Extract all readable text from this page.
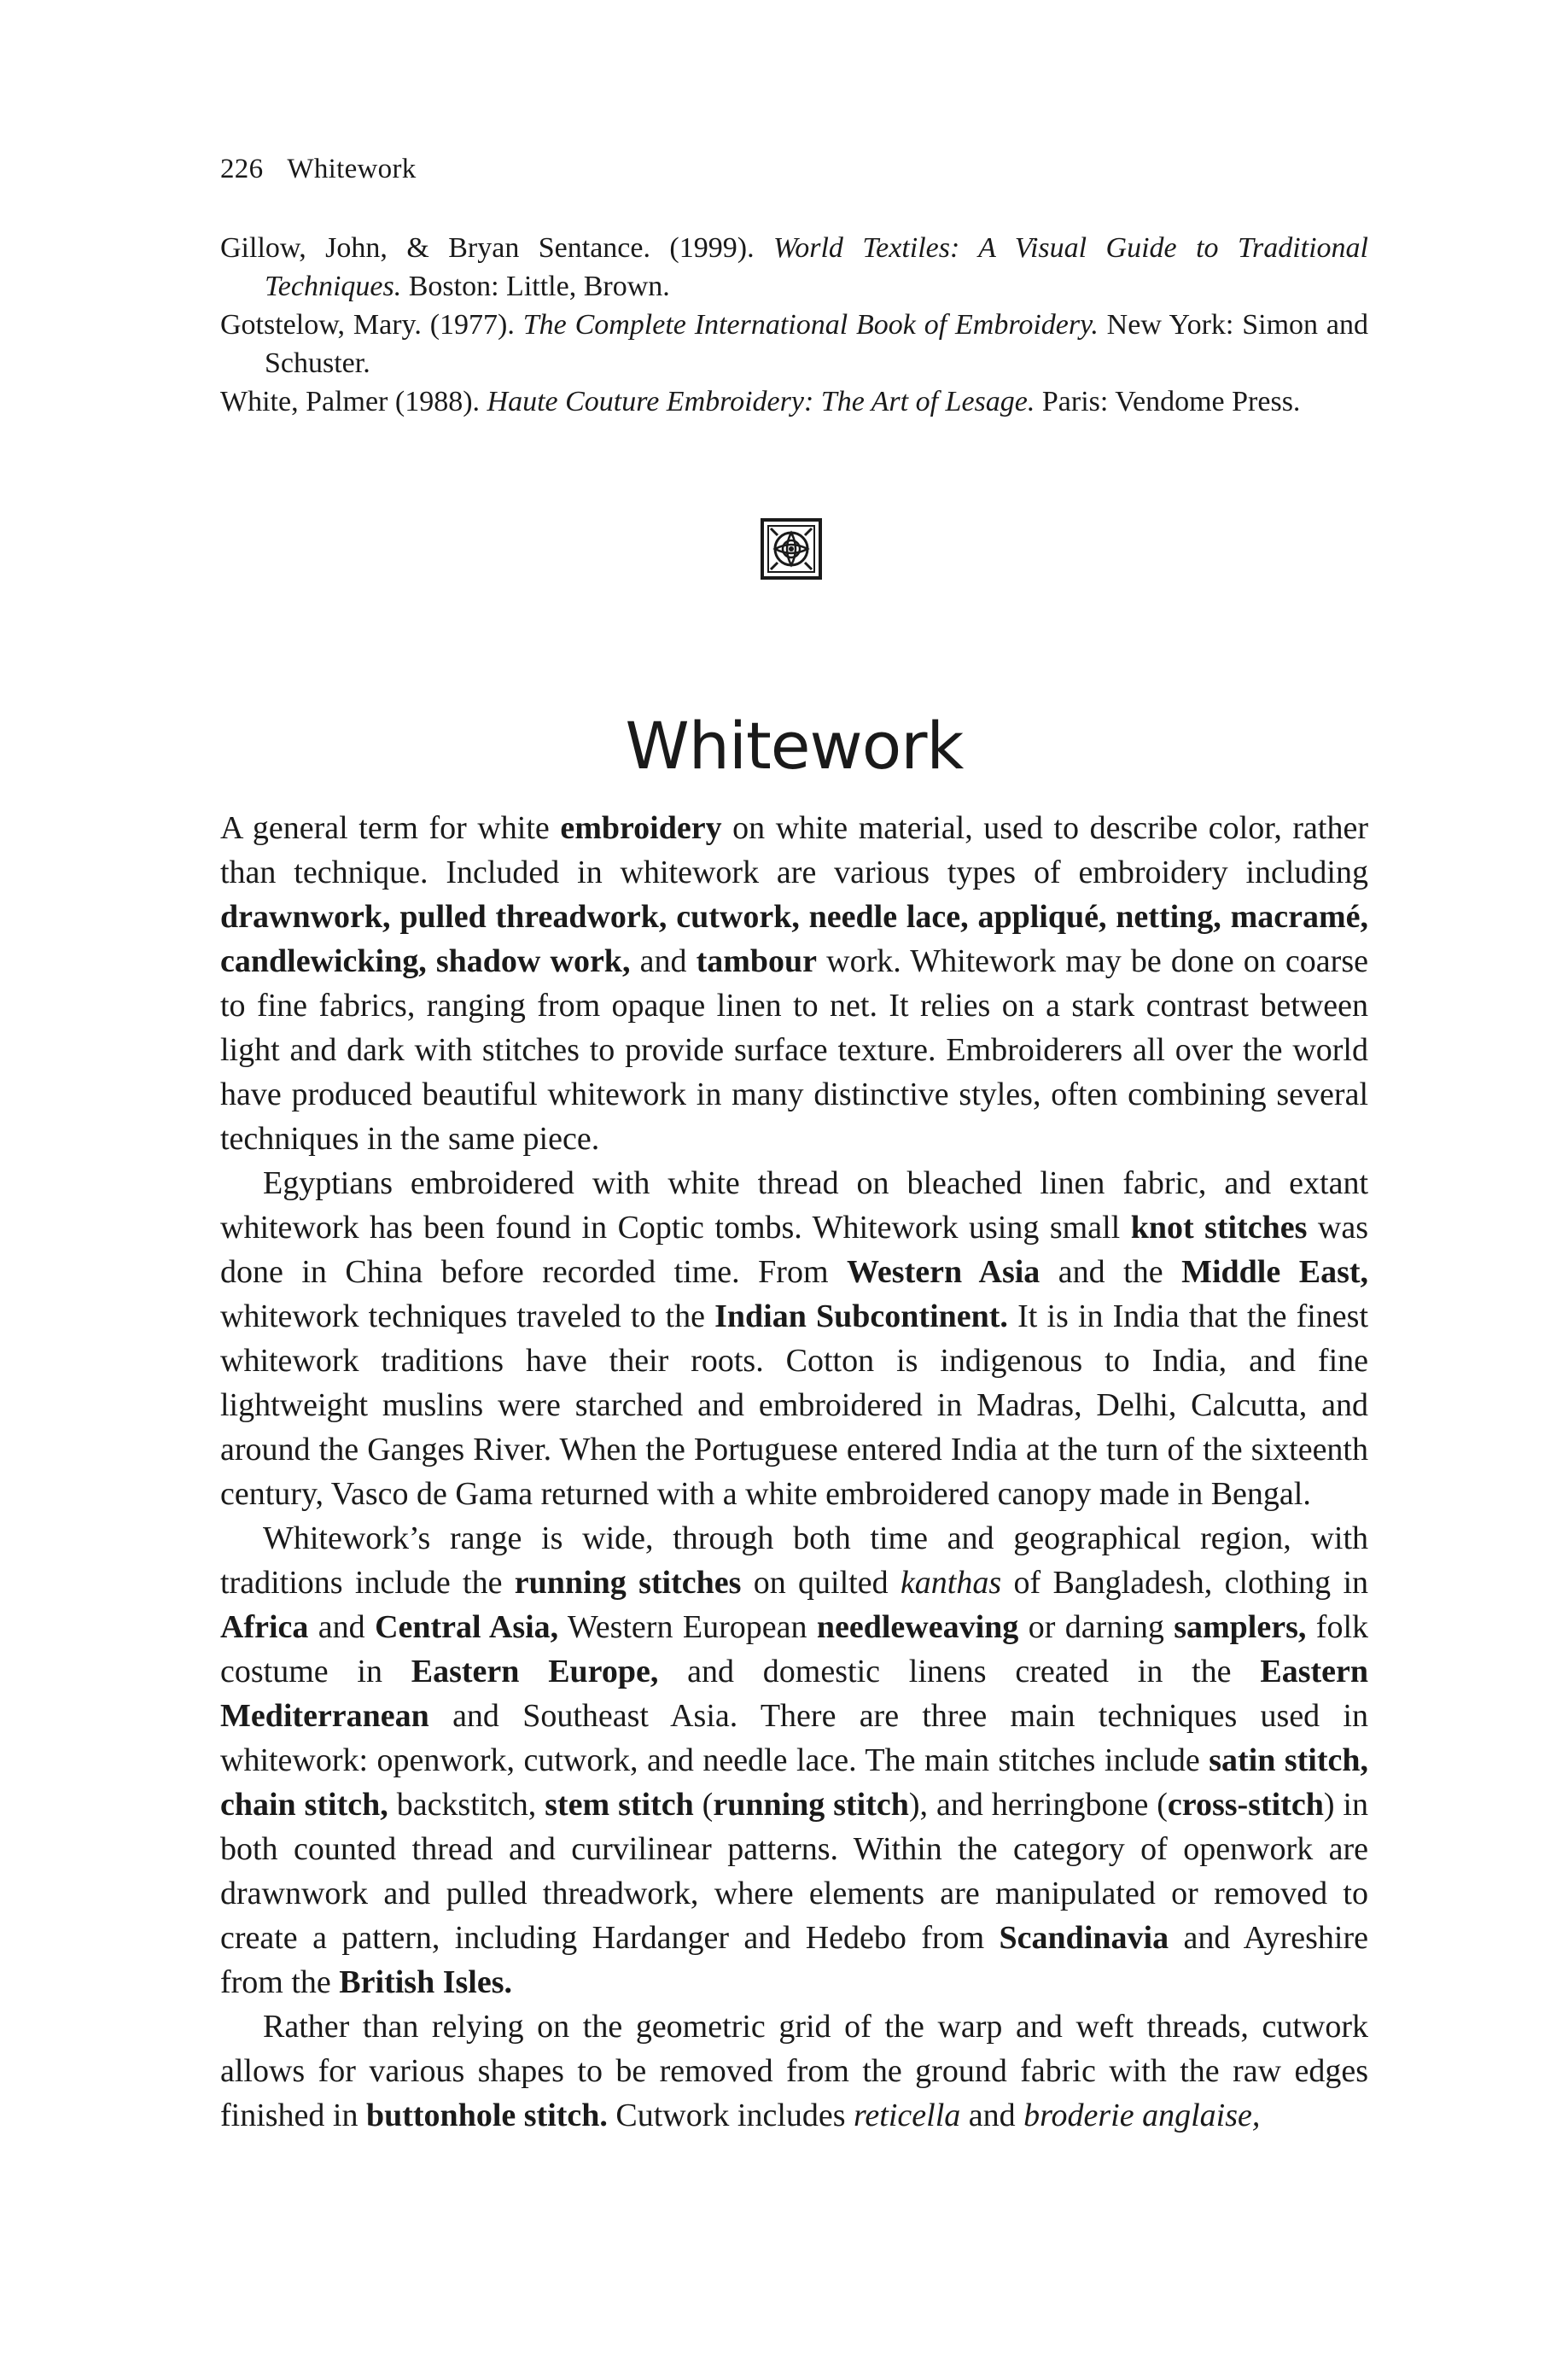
226 Whitework

Gillow, John, & Bryan Sentance. (1999). World Textiles: A Visual Guide to Traditional Techniques. Boston: Little, Brown.

Gotstelow, Mary. (1977). The Complete International Book of Embroidery. New York: Simon and Schuster.

White, Palmer (1988). Haute Couture Embroidery: The Art of Lesage. Paris: Vendome Press.

Whitework

A general term for white embroidery on white material, used to describe color, rather than technique. Included in whitework are various types of embroidery including drawnwork, pulled threadwork, cutwork, needle lace, appliqué, netting, macramé, candlewicking, shadow work, and tambour work. Whitework may be done on coarse to fine fabrics, ranging from opaque linen to net. It relies on a stark contrast between light and dark with stitches to provide surface texture. Embroiderers all over the world have produced beautiful whitework in many distinctive styles, often combining several techniques in the same piece.

Egyptians embroidered with white thread on bleached linen fabric, and extant whitework has been found in Coptic tombs. Whitework using small knot stitches was done in China before recorded time. From Western Asia and the Middle East, whitework techniques traveled to the Indian Subcontinent. It is in India that the finest whitework traditions have their roots. Cotton is indigenous to India, and fine lightweight muslins were starched and embroidered in Madras, Delhi, Calcutta, and around the Ganges River. When the Portuguese entered India at the turn of the sixteenth century, Vasco de Gama returned with a white embroidered canopy made in Bengal.

Whitework’s range is wide, through both time and geographical region, with traditions include the running stitches on quilted kanthas of Bangladesh, clothing in Africa and Central Asia, Western European needleweaving or darning samplers, folk costume in Eastern Europe, and domestic linens created in the Eastern Mediterranean and Southeast Asia. There are three main techniques used in whitework: openwork, cutwork, and needle lace. The main stitches include satin stitch, chain stitch, backstitch, stem stitch (running stitch), and herringbone (cross-stitch) in both counted thread and curvilinear patterns. Within the category of openwork are drawnwork and pulled threadwork, where elements are manipulated or removed to create a pattern, including Hardanger and Hedebo from Scandinavia and Ayreshire from the British Isles.

Rather than relying on the geometric grid of the warp and weft threads, cutwork allows for various shapes to be removed from the ground fabric with the raw edges finished in buttonhole stitch. Cutwork includes reticella and broderie anglaise,
